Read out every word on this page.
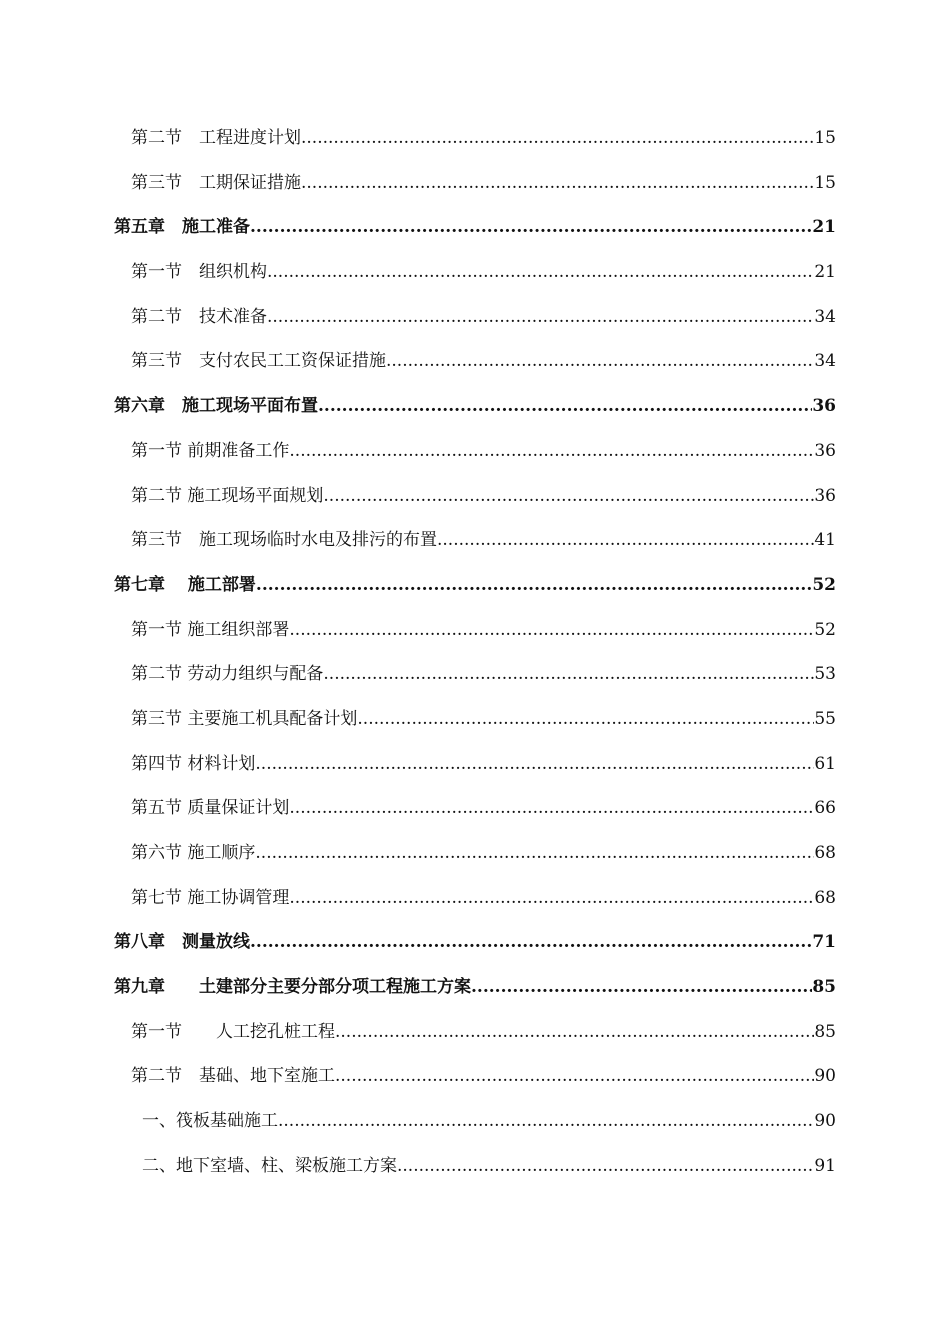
第二节　工程进度计划 .....	15
第三节　工期保证措施 .....	15
第五章　施工准备 .....	21
第一节　组织机构 .....	21
第二节　技术准备 .....	34
第三节　支付农民工工资保证措施 .....	34
第六章　施工现场平面布置 .....	36
第一节 前期准备工作 .....	36
第二节 施工现场平面规划 .....	36
第三节　施工现场临时水电及排污的布置 .....	41
第七章　 施工部署 .....	52
第一节 施工组织部署 .....	52
第二节 劳动力组织与配备 .....	53
第三节 主要施工机具配备计划 .....	55
第四节 材料计划 .....	61
第五节 质量保证计划 .....	66
第六节 施工顺序 .....	68
第七节 施工协调管理 .....	68
第八章　测量放线 .....	71
第九章　　土建部分主要分部分项工程施工方案 .....	85
第一节　　人工挖孔桩工程 .....	85
第二节　基础、地下室施工 .....	90
一、筏板基础施工 .....	90
二、地下室墙、柱、梁板施工方案 .....	91
